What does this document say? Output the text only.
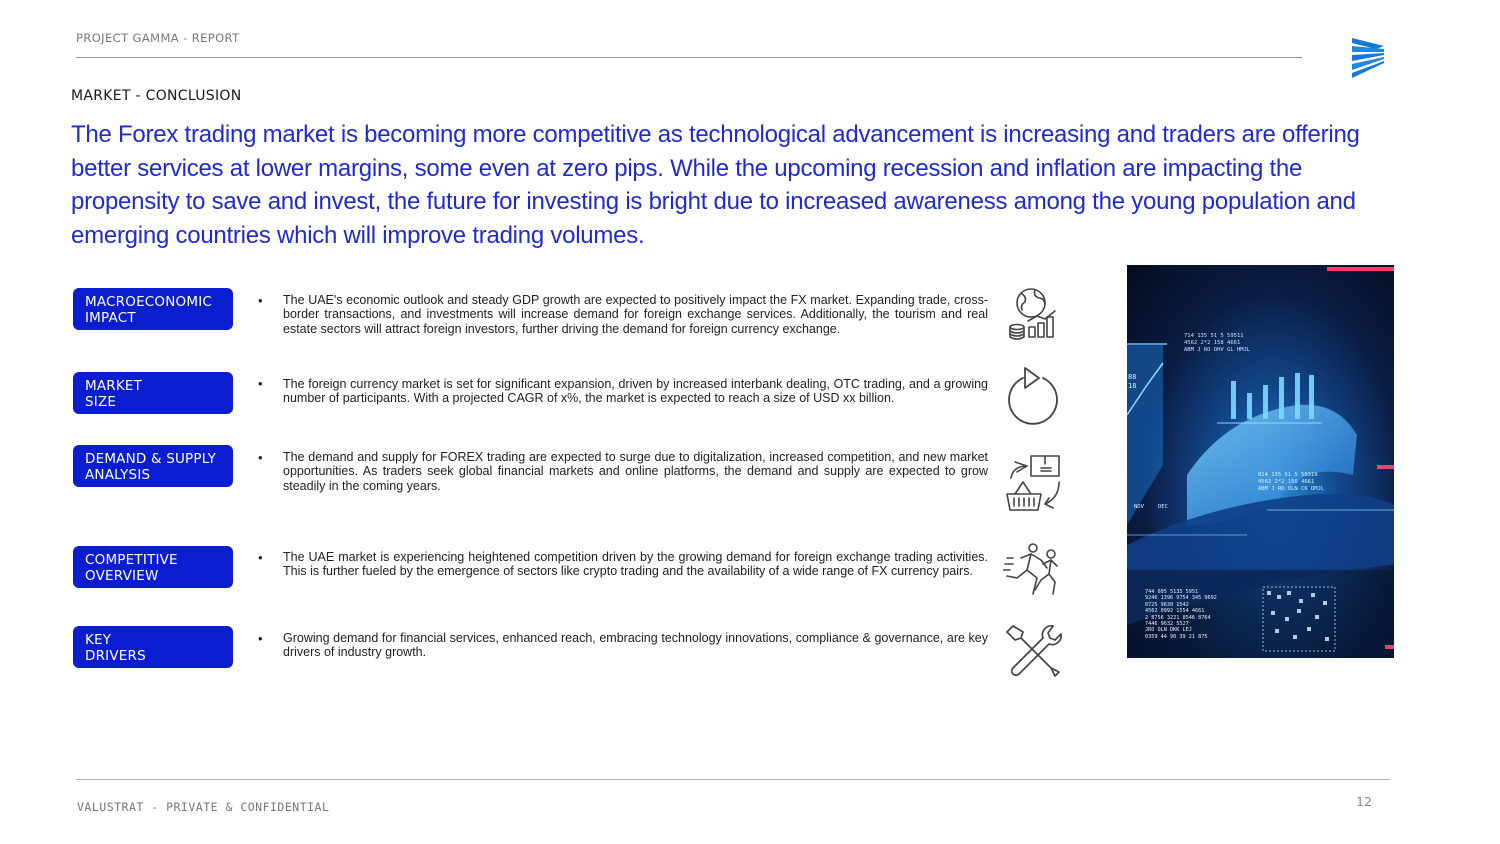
PROJECT GAMMA - REPORT
MARKET - CONCLUSION

The Forex trading market is becoming more competitive as technological advancement is increasing and traders are offering better services at lower margins, some even at zero pips. While the upcoming recession and inflation are impacting the propensity to save and invest, the future for investing is bright due to increased awareness among the young population and emerging countries which will improve trading volumes.

MACROECONOMIC
IMPACT
• The UAE's economic outlook and steady GDP growth are expected to positively impact the FX market. Expanding trade, cross-border transactions, and investments will increase demand for foreign exchange services. Additionally, the tourism and real estate sectors will attract foreign investors, further driving the demand for foreign currency exchange.

MARKET
SIZE
• The foreign currency market is set for significant expansion, driven by increased interbank dealing, OTC trading, and a growing number of participants. With a projected CAGR of x%, the market is expected to reach a size of USD xx billion.

DEMAND & SUPPLY
ANALYSIS
• The demand and supply for FOREX trading are expected to surge due to digitalization, increased competition, and new market opportunities. As traders seek global financial markets and online platforms, the demand and supply are expected to grow steadily in the coming years.

COMPETITIVE
OVERVIEW
• The UAE market is experiencing heightened competition driven by the growing demand for foreign exchange trading activities. This is further fueled by the emergence of sectors like crypto trading and the availability of a wide range of FX currency pairs.

KEY
DRIVERS
• Growing demand for financial services, enhanced reach, embracing technology innovations, compliance & governance, are key drivers of industry growth.

714 135 51 5 59511
4562 2*2 158 4661
ABM J RO OHV GL HMJL
814 135 51 5 50319
4562 2*2 156 4661
ABM J RO OLN CK DMJL
NOV	DEC
88
18
744 005 5135 5951
9246 1396 9754 345 9692
0725 9630 1542
4562 0992 1554 4661
2 8756 3221 8546 8764
7446 9632 5527
JRO OLN DKK LEJ
0359 44 90 39 21 875
VALUSTRAT - PRIVATE & CONFIDENTIAL	12
